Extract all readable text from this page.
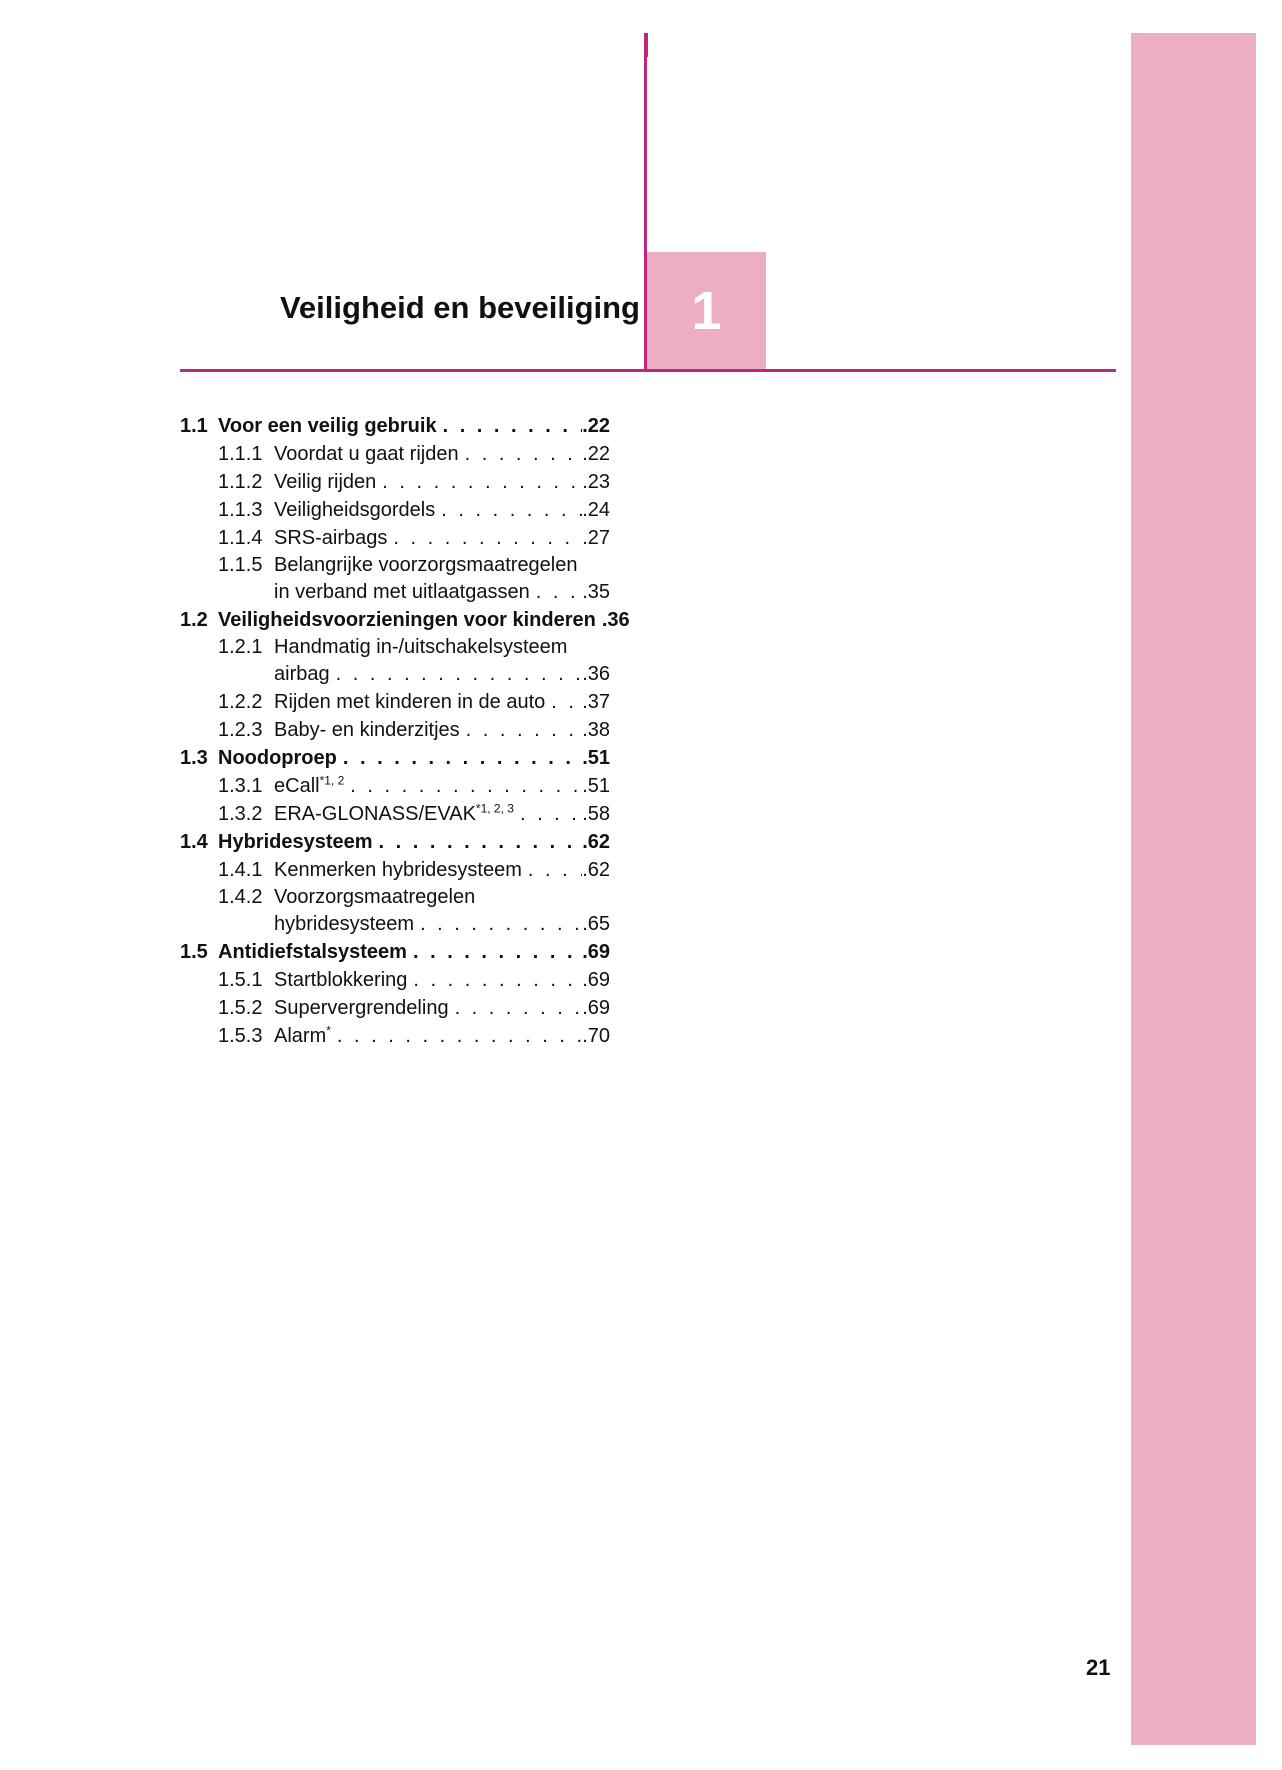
Veiligheid en beveiliging 1
1.1 Voor een veilig gebruik . . .	.22
1.1.1 Voordat u gaat rijden . . .	.22
1.1.2 Veilig rijden . . .	.23
1.1.3 Veiligheidsgordels . . .	.24
1.1.4 SRS-airbags . . .	.27
1.1.5 Belangrijke voorzorgsmaatregelen
in verband met uitlaatgassen . . .	.35
1.2 Veiligheidsvoorzieningen voor kinderen . . . .36
1.2.1 Handmatig in-/uitschakelsysteem
airbag . . .	.36
1.2.2 Rijden met kinderen in de auto . . . .37
1.2.3 Baby- en kinderzitjes . . .	.38
1.3 Noodoproep . . .	.51
1.3.1 eCall$^{*1, 2}$ . . .	.51
1.3.2 ERA-GLONASS/EVAK$^{*1, 2, 3}$ . . .	.58
1.4 Hybridesysteem . . .	.62
1.4.1 Kenmerken hybridesysteem . . .	.62
1.4.2 Voorzorgsmaatregelen
hybridesysteem . . .	.65
1.5 Antidiefstalsysteem . . .	.69
1.5.1 Startblokkering . . .	.69
1.5.2 Supervergrendeling . . .	.69
1.5.3 Alarm* . . .	.70
21
